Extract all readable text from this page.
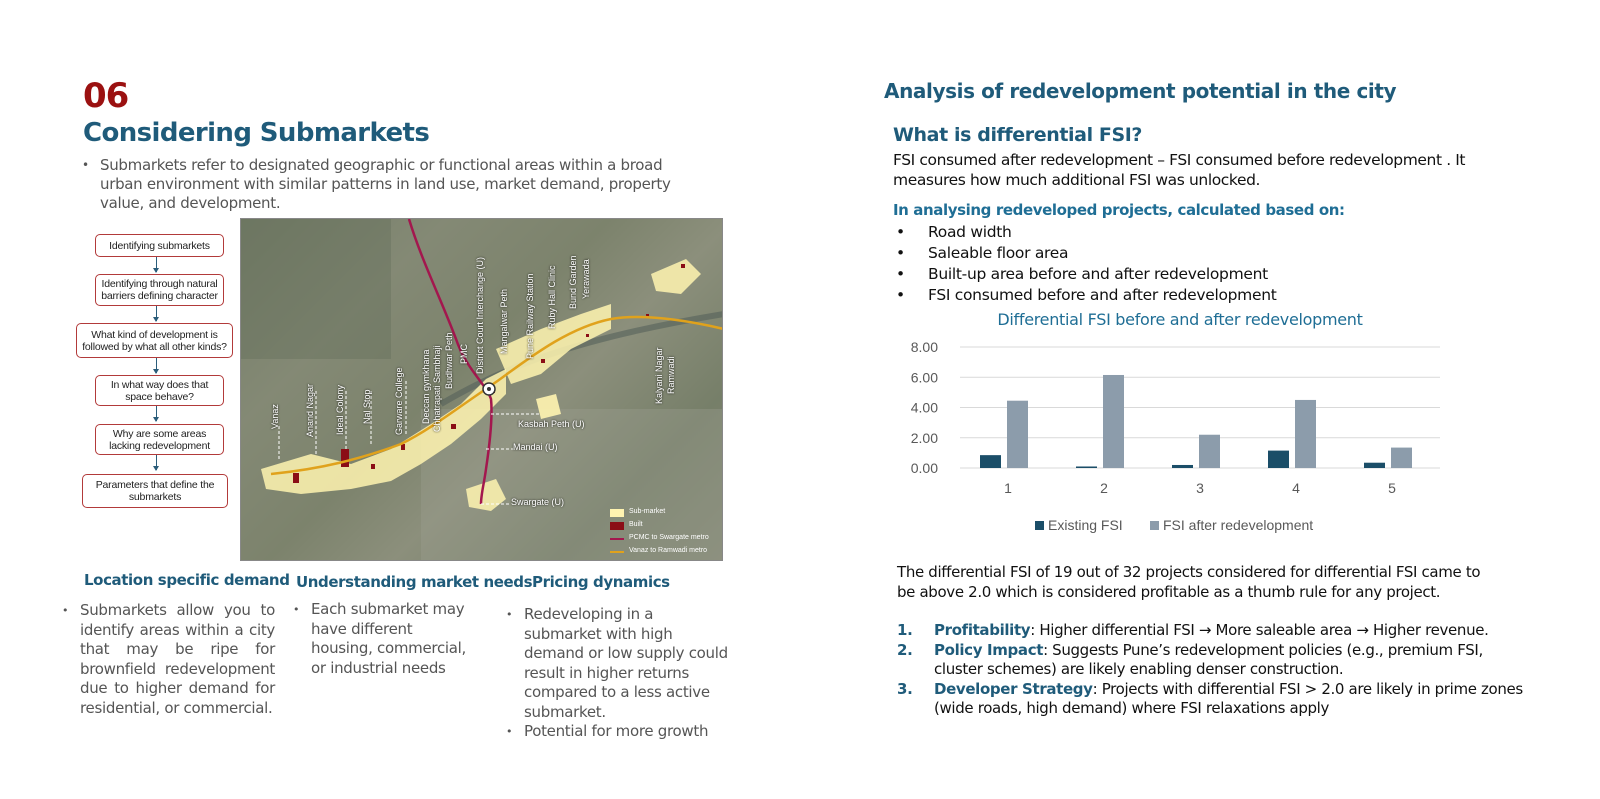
06
Considering Submarkets
• Submarkets refer to designated geographic or functional areas within a broad urban environment with similar patterns in land use, market demand, property value, and development.
Identifying submarkets
Identifying through natural barriers defining character
What kind of development is followed by what all other kinds?
In what way does that space behave?
Why are some areas lacking redevelopment
Parameters that define the submarkets
Vanaz	Anand Nagar Ideal Colony Nal Stop Garware College Deccan gymkhana Chhatrapati Sambhaji Budhwar Peth PMC District Court Interchange (U) Mangalwar Peth Pune Railway Station Ruby Hall Clinic Bund Garden Yerawada
Kalyani Nagar Ramwadi
Kasbah Peth (U)
Mandai (U)
Swargate (U)
Sub-market
Built
PCMC to Swargate metro
Vanaz to Ramwadi metro
Location specific demand
• Submarkets allow you to identify areas within a city that may be ripe for brownfield redevelopment due to higher demand for residential, or commercial.
Understanding market needs
• Each submarket may have different housing, commercial, or industrial needs
Pricing dynamics
• Redeveloping in a submarket with high demand or low supply could result in higher returns compared to a less active submarket.
• Potential for more growth
Analysis of redevelopment potential in the city
What is differential FSI?
FSI consumed after redevelopment – FSI consumed before redevelopment . It measures how much additional FSI was unlocked.
In analysing redeveloped projects, calculated based on:
• Road width
• Saleable floor area
• Built-up area before and after redevelopment
• FSI consumed before and after redevelopment
Differential FSI before and after redevelopment
0.00
2.00
4.00
6.00
8.00
1	2	3	4	5
Existing FSI	FSI after redevelopment
The differential FSI of 19 out of 32 projects considered for differential FSI came to be above 2.0 which is considered profitable as a thumb rule for any project.
1. Profitability: Higher differential FSI → More saleable area → Higher revenue.
2. Policy Impact: Suggests Pune’s redevelopment policies (e.g., premium FSI, cluster schemes) are likely enabling denser construction.
3. Developer Strategy: Projects with differential FSI > 2.0 are likely in prime zones (wide roads, high demand) where FSI relaxations apply
